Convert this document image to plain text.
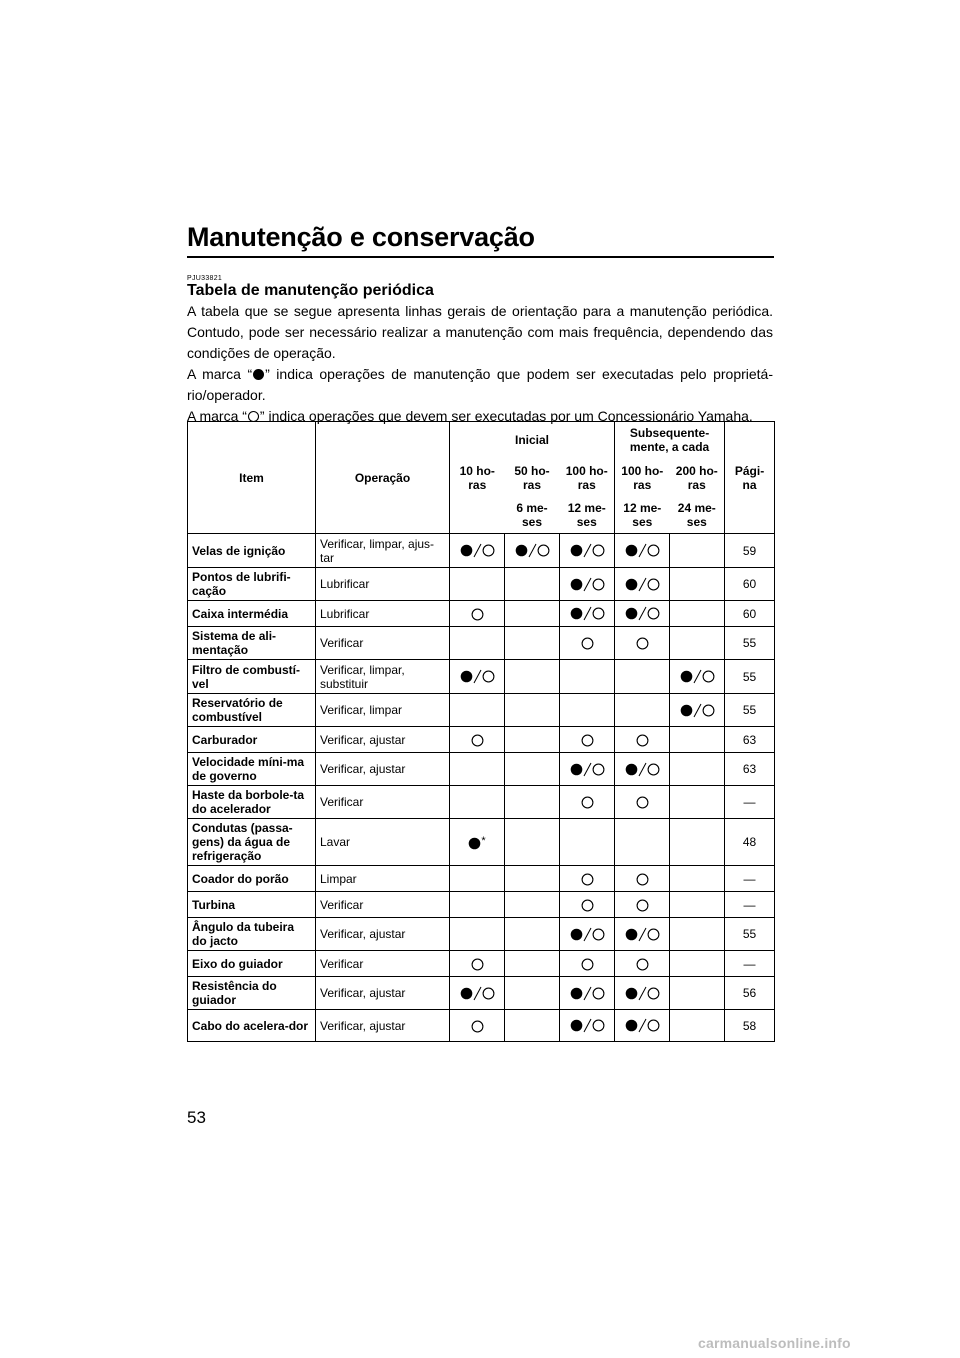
Manutenção e conservação
PJU33821
Tabela de manutenção periódica

A tabela que se segue apresenta linhas gerais de orientação para a manutenção periódica. Contudo, pode ser necessário realizar a manutenção com mais frequência, dependendo das condições de operação.

A marca “ ” indica operações de manutenção que podem ser executadas pelo proprietá-rio/operador.

A marca “ ” indica operações que devem ser executadas por um Concessionário Yamaha.

Item	Operação	Inicial			Subsequente-mente, a cada		Pági-na
		10 ho-ras	50 ho-ras	100 ho-ras	100 ho-ras	200 ho-ras	
			6 me-ses	12 me-ses	12 me-ses	24 me-ses	
Velas de ignição	Verificar, limpar, ajus-tar						59
Pontos de lubrifi-cação	Lubrificar						60
Caixa intermédia	Lubrificar						60
Sistema de ali-mentação	Verificar						55
Filtro de combustí-vel	Verificar, limpar, substituir						55
Reservatório de combustível	Verificar, limpar						55
Carburador	Verificar, ajustar						63
Velocidade míni-ma de governo	Verificar, ajustar						63
Haste da borbole-ta do acelerador	Verificar						—
Condutas (passa-gens) da água de refrigeração	Lavar	*					48
Coador do porão	Limpar						—
Turbina	Verificar						—
Ângulo da tubeira do jacto	Verificar, ajustar						55
Eixo do guiador	Verificar						—
Resistência do guiador	Verificar, ajustar						56
Cabo do acelera-dor	Verificar, ajustar						58
53
carmanualsonline.info
